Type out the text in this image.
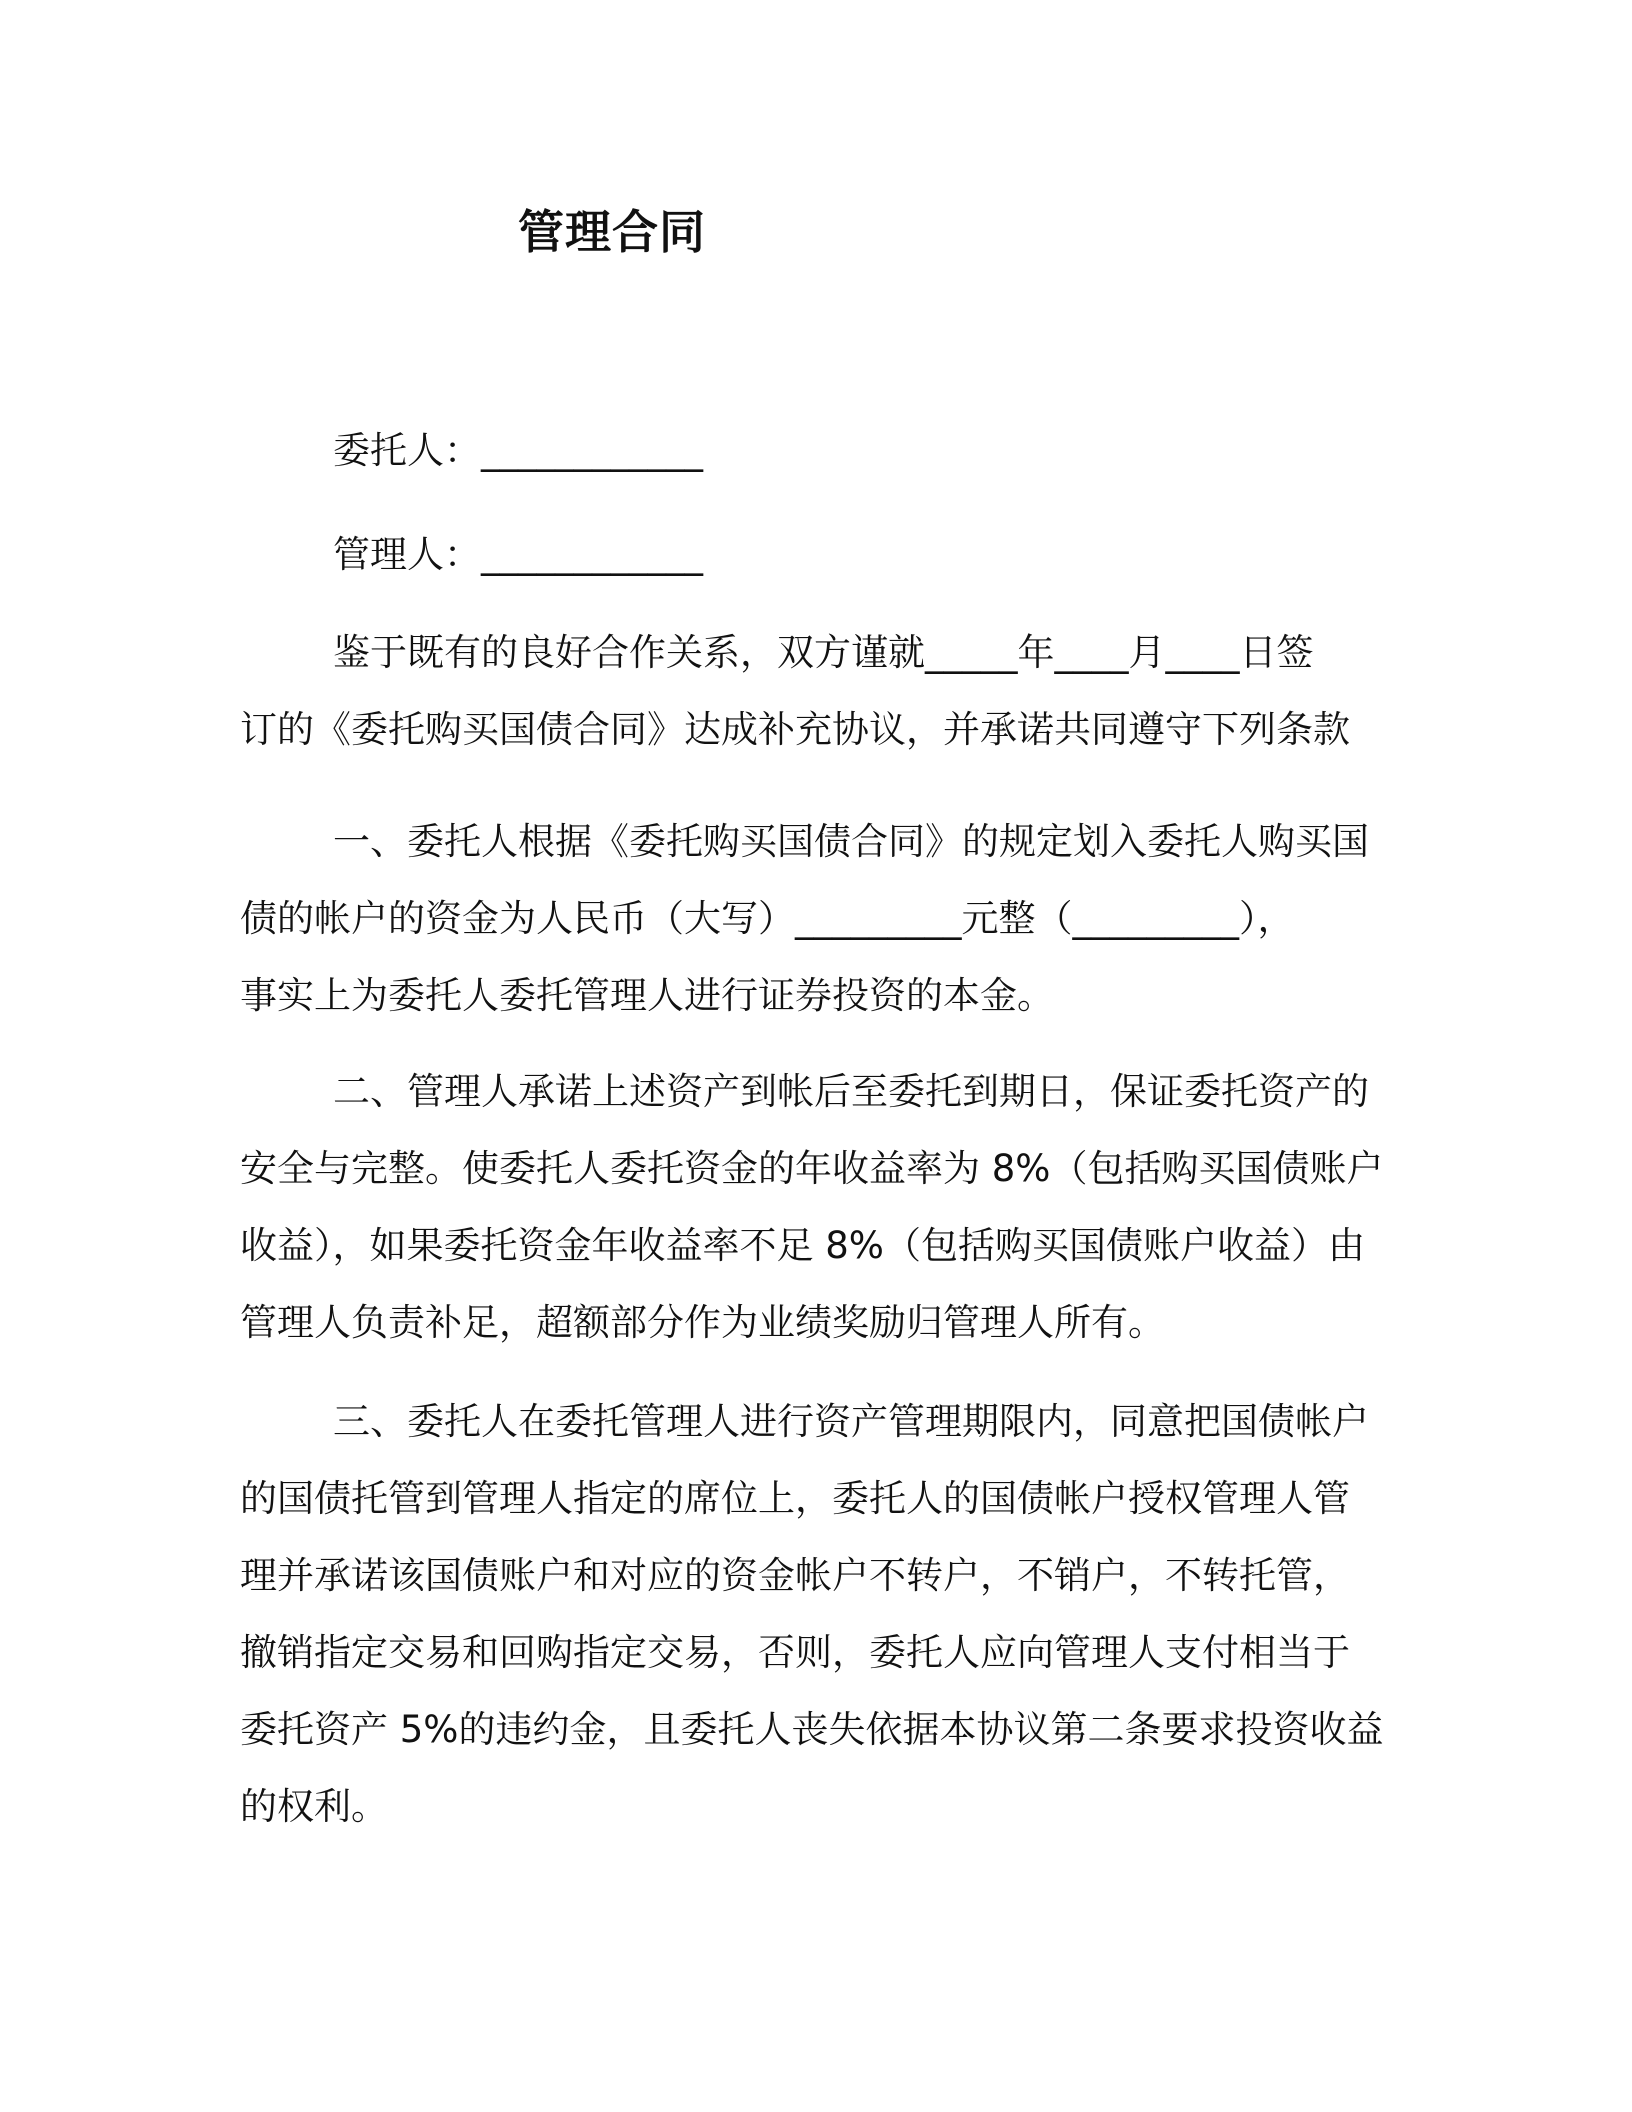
管理合同
委托人：____________
管理人：____________
鉴于既有的良好合作关系，双方谨就_____年____月____日签
订的《委托购买国债合同》达成补充协议，并承诺共同遵守下列条款
一、委托人根据《委托购买国债合同》的规定划入委托人购买国
债的帐户的资金为人民币（大写）_________元整（_________），
事实上为委托人委托管理人进行证券投资的本金。
二、管理人承诺上述资产到帐后至委托到期日，保证委托资产的
安全与完整。使委托人委托资金的年收益率为 8%（包括购买国债账户
收益），如果委托资金年收益率不足 8%（包括购买国债账户收益）由
管理人负责补足，超额部分作为业绩奖励归管理人所有。
三、委托人在委托管理人进行资产管理期限内，同意把国债帐户
的国债托管到管理人指定的席位上，委托人的国债帐户授权管理人管
理并承诺该国债账户和对应的资金帐户不转户，不销户，不转托管，
撤销指定交易和回购指定交易，否则，委托人应向管理人支付相当于
委托资产 5%的违约金，且委托人丧失依据本协议第二条要求投资收益
的权利。
